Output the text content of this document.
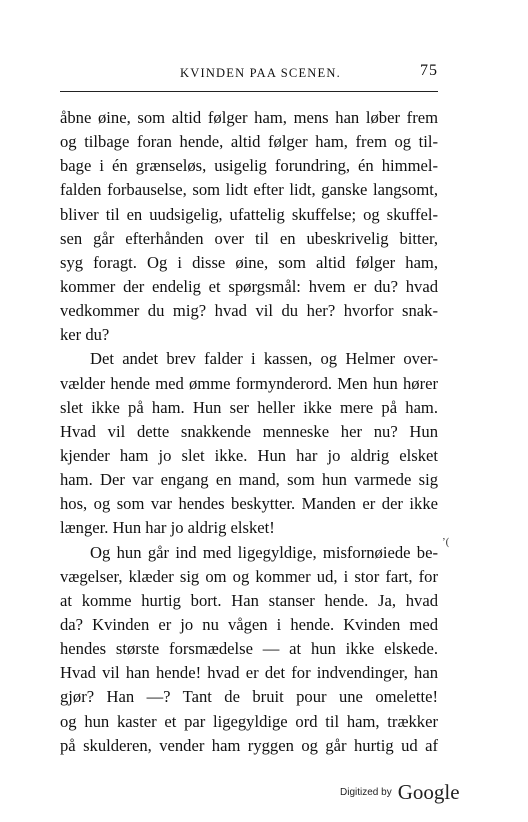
KVINDEN PAA SCENEN.	75
åbne øine, som altid følger ham, mens han løber frem
og tilbage foran hende, altid følger ham, frem og til-
bage i én grænseløs, usigelig forundring, én himmel-
falden forbauselse, som lidt efter lidt, ganske langsomt,
bliver til en uudsigelig, ufattelig skuffelse; og skuffel-
sen går efterhånden over til en ubeskrivelig bitter,
syg foragt. Og i disse øine, som altid følger ham,
kommer der endelig et spørgsmål: hvem er du? hvad
vedkommer du mig? hvad vil du her? hvorfor snak-
ker du?
Det andet brev falder i kassen, og Helmer over-
vælder hende med ømme formynderord. Men hun hører
slet ikke på ham. Hun ser heller ikke mere på ham.
Hvad vil dette snakkende menneske her nu? Hun
kjender ham jo slet ikke. Hun har jo aldrig elsket
ham. Der var engang en mand, som hun varmede sig
hos, og som var hendes beskytter. Manden er der ikke
længer. Hun har jo aldrig elsket!
Og hun går ind med ligegyldige, misfornøiede be-
vægelser, klæder sig om og kommer ud, i stor fart, for
at komme hurtig bort. Han stanser hende. Ja, hvad
da? Kvinden er jo nu vågen i hende. Kvinden med
hendes største forsmædelse — at hun ikke elskede.
Hvad vil han hende! hvad er det for indvendinger, han
gjør? Han —? Tant de bruit pour une omelette!
og hun kaster et par ligegyldige ord til ham, trækker
på skulderen, vender ham ryggen og går hurtig ud af
ʼ(
Digitized by Google
